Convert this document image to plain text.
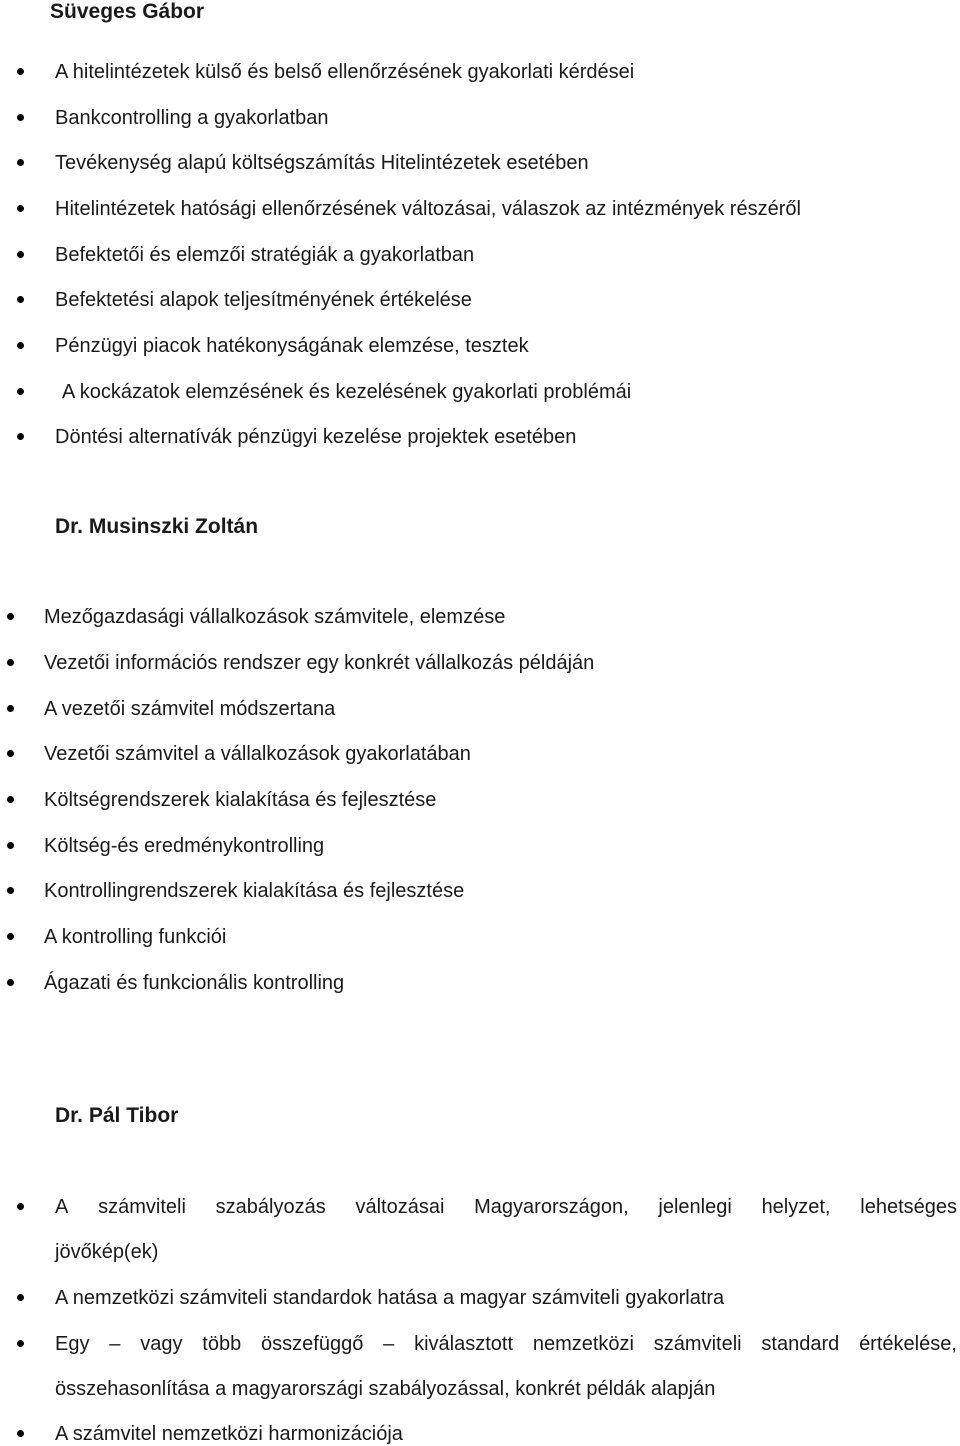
Süveges Gábor
A hitelintézetek külső és belső ellenőrzésének gyakorlati kérdései
Bankcontrolling a gyakorlatban
Tevékenység alapú költségszámítás Hitelintézetek esetében
Hitelintézetek hatósági ellenőrzésének változásai, válaszok az intézmények részéről
Befektetői és elemzői stratégiák a gyakorlatban
Befektetési alapok teljesítményének értékelése
Pénzügyi piacok hatékonyságának elemzése, tesztek
A kockázatok elemzésének és kezelésének gyakorlati problémái
Döntési alternatívák pénzügyi kezelése projektek esetében
Dr. Musinszki Zoltán
Mezőgazdasági vállalkozások számvitele, elemzése
Vezetői információs rendszer egy konkrét vállalkozás példáján
A vezetői számvitel módszertana
Vezetői számvitel a vállalkozások gyakorlatában
Költségrendszerek kialakítása és fejlesztése
Költség-és eredménykontrolling
Kontrollingrendszerek kialakítása és fejlesztése
A kontrolling funkciói
Ágazati és funkcionális kontrolling
Dr. Pál Tibor
A számviteli szabályozás változásai Magyarországon, jelenlegi helyzet, lehetséges
jövőkép(ek)
A nemzetközi számviteli standardok hatása a magyar számviteli gyakorlatra
Egy – vagy több összefüggő – kiválasztott nemzetközi számviteli standard értékelése,
összehasonlítása a magyarországi szabályozással, konkrét példák alapján
A számvitel nemzetközi harmonizációja
